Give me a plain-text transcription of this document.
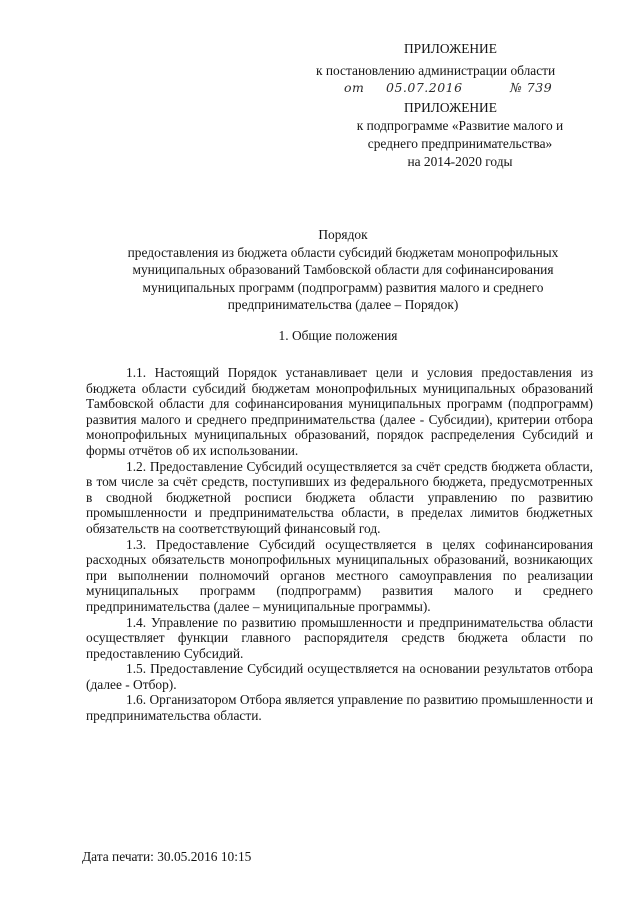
ПРИЛОЖЕНИЕ
к постановлению администрации области
от 05.07.2016	№ 739
ПРИЛОЖЕНИЕ
к подпрограмме «Развитие малого и
среднего предпринимательства»
на 2014-2020 годы
Порядок
предоставления из бюджета области субсидий бюджетам монопрофильных
муниципальных образований Тамбовской области для софинансирования
муниципальных программ (подпрограмм) развития малого и среднего
предпринимательства (далее – Порядок)
1. Общие положения

1.1. Настоящий Порядок устанавливает цели и условия предоставления из бюджета области субсидий бюджетам монопрофильных муниципальных образований Тамбовской области для софинансирования муниципальных программ (подпрограмм) развития малого и среднего предпринимательства (далее - Субсидии), критерии отбора монопрофильных муниципальных образований, порядок распределения Субсидий и формы отчётов об их использовании.

1.2. Предоставление Субсидий осуществляется за счёт средств бюджета области, в том числе за счёт средств, поступивших из федерального бюджета, предусмотренных в сводной бюджетной росписи бюджета области управлению по развитию промышленности и предпринимательства области, в пределах лимитов бюджетных обязательств на соответствующий финансовый год.

1.3. Предоставление Субсидий осуществляется в целях софинансирования расходных обязательств монопрофильных муниципальных образований, возникающих при выполнении полномочий органов местного самоуправления по реализации муниципальных программ (подпрограмм) развития малого и среднего предпринимательства (далее – муниципальные программы).

1.4. Управление по развитию промышленности и предпринимательства области осуществляет функции главного распорядителя средств бюджета области по предоставлению Субсидий.

1.5. Предоставление Субсидий осуществляется на основании результатов отбора (далее - Отбор).

1.6. Организатором Отбора является управление по развитию промышленности и предпринимательства области.

Дата печати: 30.05.2016 10:15
